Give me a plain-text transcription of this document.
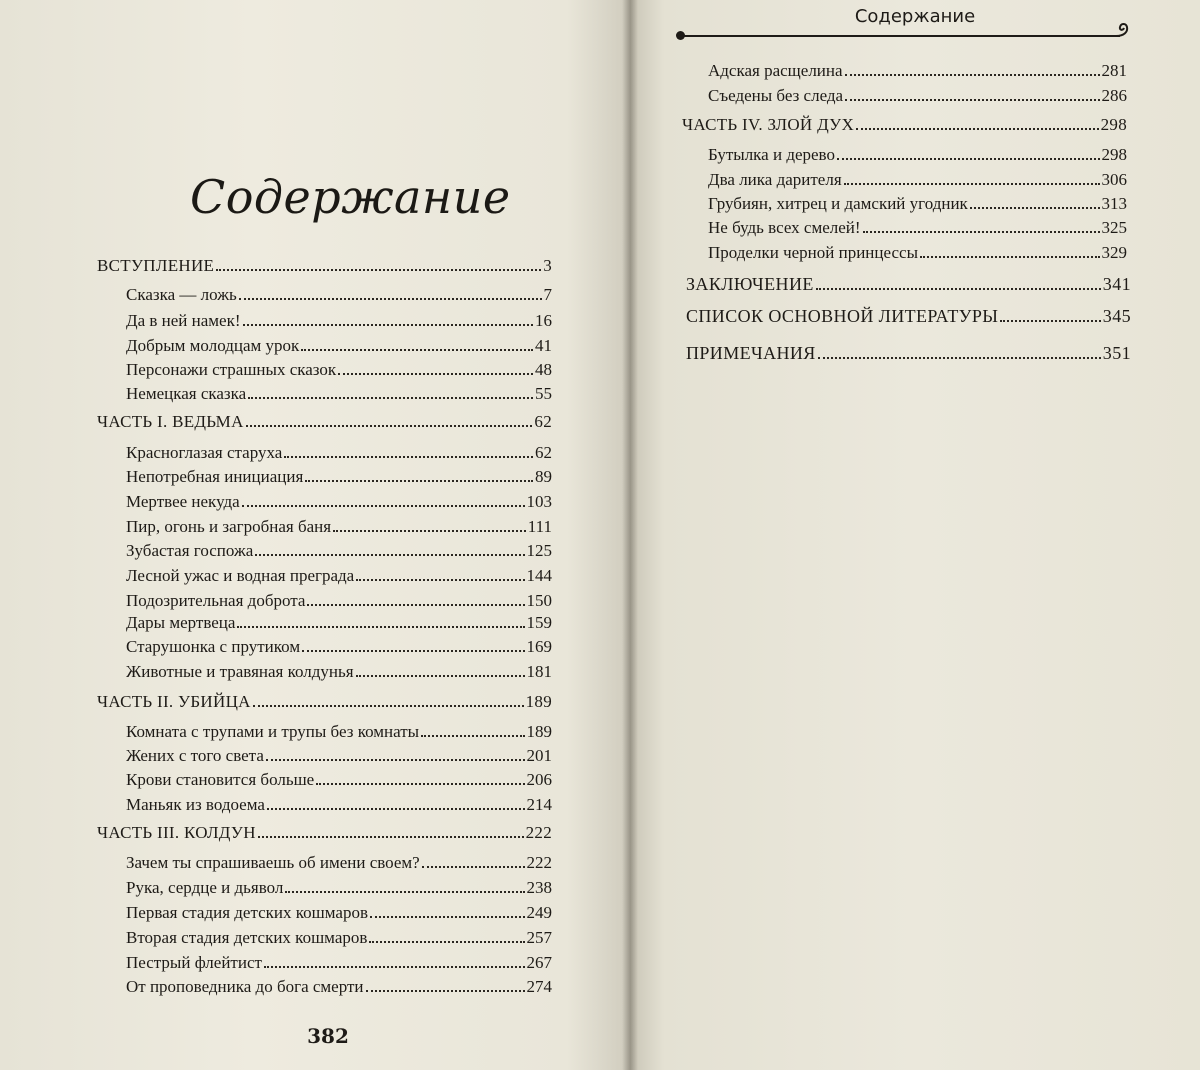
Содержание
ВСТУПЛЕНИЕ	3
Сказка — ложь	7
Да в ней намек!	16
Добрым молодцам урок	41
Персонажи страшных сказок	48
Немецкая сказка	55
ЧАСТЬ I. ВЕДЬМА	62
Красноглазая старуха	62
Непотребная инициация	89
Мертвее некуда	103
Пир, огонь и загробная баня	111
Зубастая госпожа	125
Лесной ужас и водная преграда	144
Подозрительная доброта	150
Дары мертвеца	159
Старушонка с прутиком	169
Животные и травяная колдунья	181
ЧАСТЬ II. УБИЙЦА	189
Комната с трупами и трупы без комнаты	189
Жених с того света	201
Крови становится больше	206
Маньяк из водоема	214
ЧАСТЬ III. КОЛДУН	222
Зачем ты спрашиваешь об имени своем?	222
Рука, сердце и дьявол	238
Первая стадия детских кошмаров	249
Вторая стадия детских кошмаров	257
Пестрый флейтист	267
От проповедника до бога смерти	274
Адская расщелина	281
Съедены без следа	286
ЧАСТЬ IV. ЗЛОЙ ДУХ	298
Бутылка и дерево	298
Два лика дарителя	306
Грубиян, хитрец и дамский угодник	313
Не будь всех смелей!	325
Проделки черной принцессы	329
ЗАКЛЮЧЕНИЕ	341
СПИСОК ОСНОВНОЙ ЛИТЕРАТУРЫ	345
ПРИМЕЧАНИЯ	351
382
Содержание
